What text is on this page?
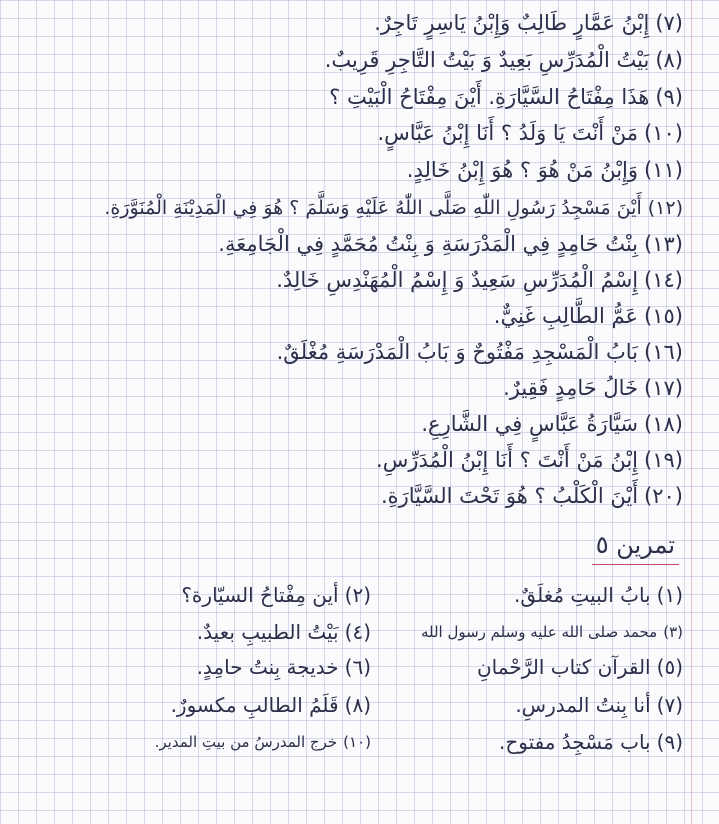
(٧)إِبْنُ عَمَّارٍ طَالِبٌ وَإِبْنُ يَاسِرٍ تَاجِرٌ.
(٨)بَيْتُ الْمُدَرِّسِ بَعِيدٌ وَ بَيْتُ التَّاجِرِ قَرِيبٌ.
(٩)هَذَا مِفْتَاحُ السَّيَّارَةِ. أَيْنَ مِفْتَاحُ الْبَيْتِ ؟
(١٠)مَنْ أَنْتَ يَا وَلَدُ ؟ أَنَا إِبْنُ عَبَّاسٍ.
(١١)وَإِبْنُ مَنْ هُوَ ؟ هُوَ إِبْنُ خَالِدٍ.
(١٢)أَيْنَ مَسْجِدُ رَسُولِ اللّٰهِ صَلَّى اللّٰهُ عَلَيْهِ وَسَلَّمَ ؟ هُوَ فِي الْمَدِيْنَةِ الْمُنَوَّرَةِ.
(١٣)بِنْتُ حَامِدٍ فِي الْمَدْرَسَةِ وَ بِنْتُ مُحَمَّدٍ فِي الْجَامِعَةِ.
(١٤)إِسْمُ الْمُدَرِّسِ سَعِيدٌ وَ إِسْمُ الْمُهَنْدِسِ خَالِدٌ.
(١٥)عَمُّ الطَّالِبِ غَنِيٌّ.
(١٦)بَابُ الْمَسْجِدِ مَفْتُوحٌ وَ بَابُ الْمَدْرَسَةِ مُغْلَقٌ.
(١٧)خَالُ حَامِدٍ فَقِيرٌ.
(١٨)سَيَّارَةُ عَبَّاسٍ فِي الشَّارِعِ.
(١٩)إِبْنُ مَنْ أَنْتَ ؟ أَنَا إِبْنُ الْمُدَرِّسِ.
(٢٠)أَيْنَ الْكَلْبُ ؟ هُوَ تَحْتَ السَّيَّارَةِ.
تمرين ٥
(١)بابُ البيتِ مُغلَقٌ.
(٢)أين مِفْتاحُ السيّارة؟
(٣)محمد صلى الله عليه وسلم رسول الله
(٤)بَيْتُ الطبيبِ بعيدٌ.
(٥)القرآن كتاب الرَّحْمانِ
(٦)خديجة بِنتُ حامِدٍ.
(٧)أنا بِنتُ المدرسِ.
(٨)قَلَمُ الطالبِ مكسورٌ.
(٩)باب مَسْجِدُ مفتوح.
(١٠)خرج المدرسُ من بيتِ المدير.
